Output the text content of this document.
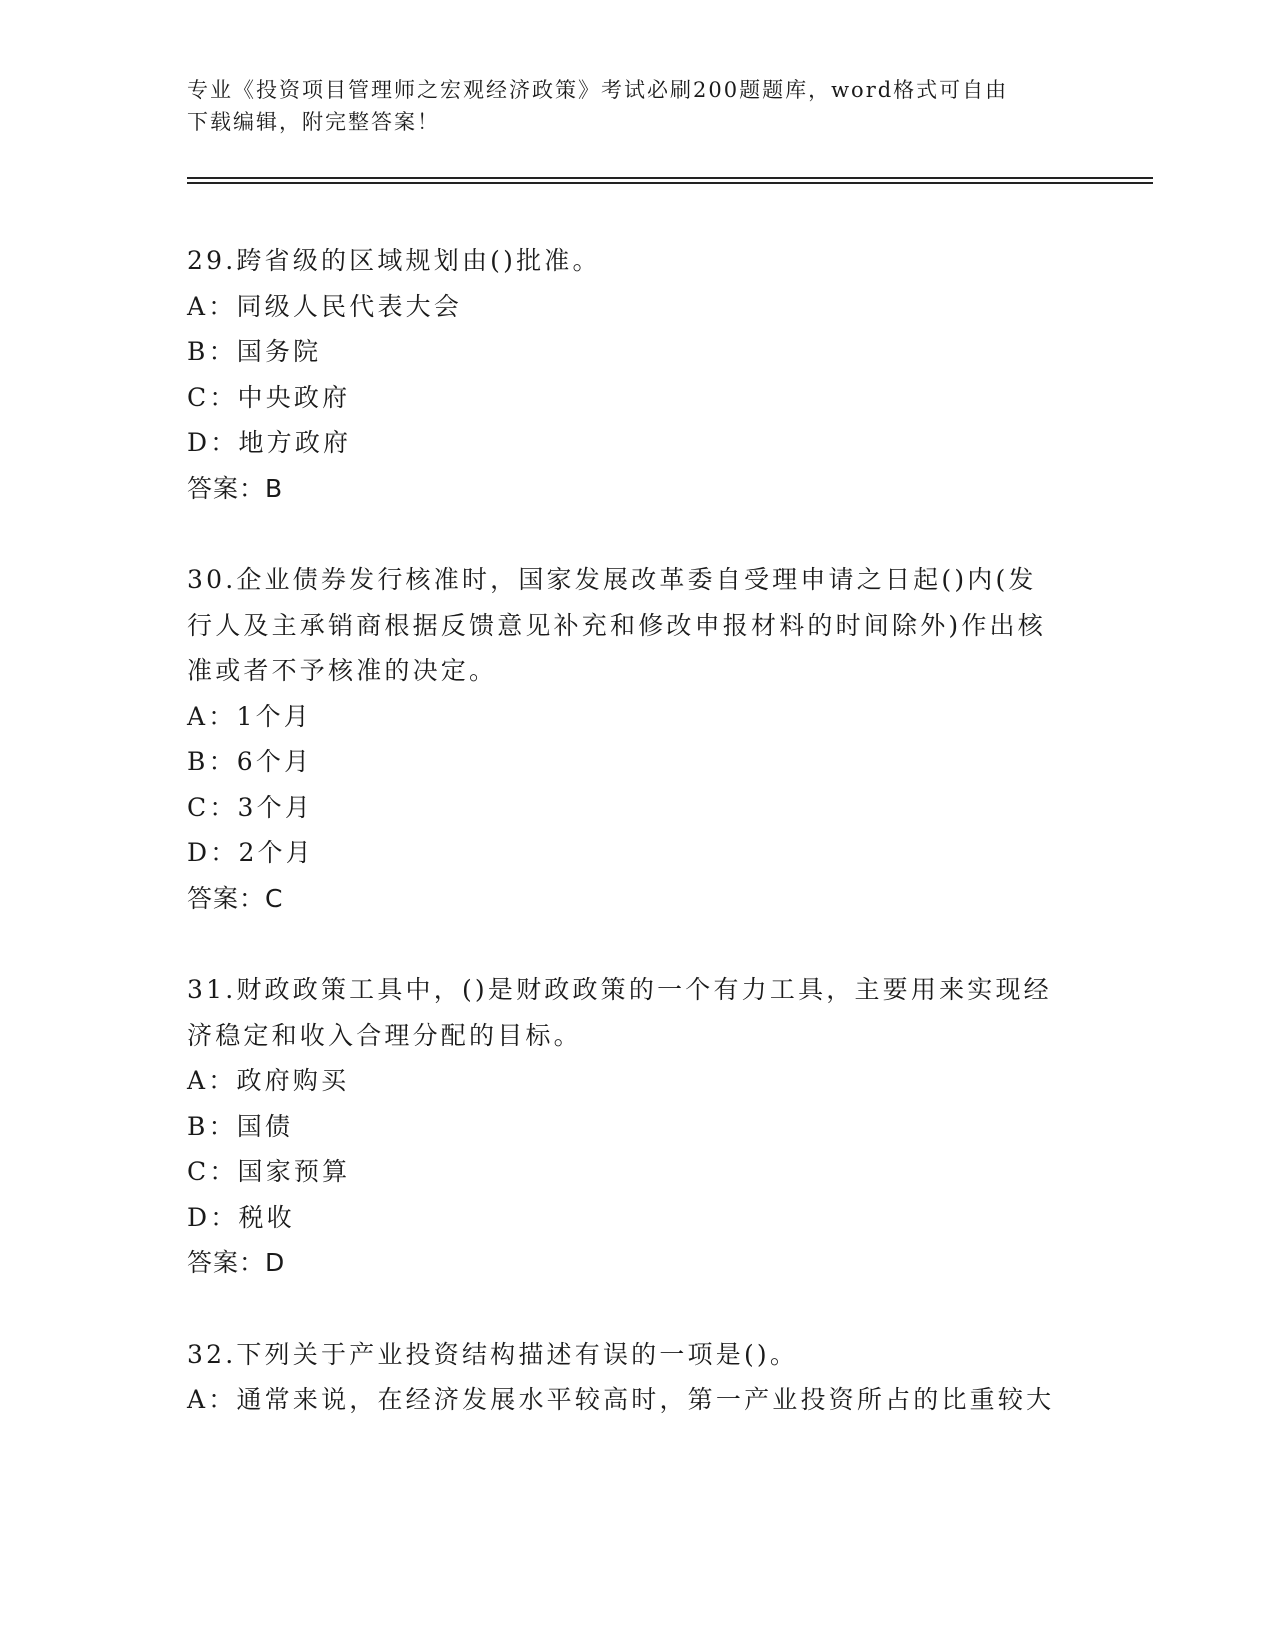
专业《投资项目管理师之宏观经济政策》考试必刷200题题库，word格式可自由
下载编辑，附完整答案！

29.跨省级的区域规划由()批准。

A：同级人民代表大会

B：国务院

C：中央政府

D：地方政府

答案：B

30.企业债券发行核准时，国家发展改革委自受理申请之日起()内(发

行人及主承销商根据反馈意见补充和修改申报材料的时间除外)作出核

准或者不予核准的决定。

A：1个月

B：6个月

C：3个月

D：2个月

答案：C

31.财政政策工具中，()是财政政策的一个有力工具，主要用来实现经

济稳定和收入合理分配的目标。

A：政府购买

B：国债

C：国家预算

D：税收

答案：D

32.下列关于产业投资结构描述有误的一项是()。

A：通常来说，在经济发展水平较高时，第一产业投资所占的比重较大
